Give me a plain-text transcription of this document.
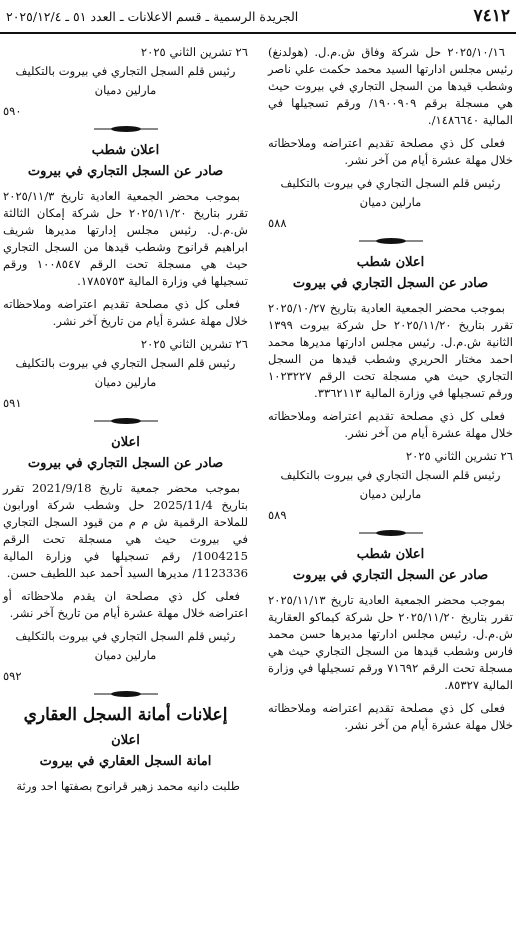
٧٤١٢
الجريدة الرسمية ـ قسم الاعلانات ـ العدد ٥١ ـ ٢٠٢٥/١٢/٤

٢٠٢٥/١٠/١٦ حل شركة وفاق ش.م.ل. (هولدنغ) رئيس مجلس ادارتها السيد محمد حكمت علي ناصر وشطب قيدها من السجل التجاري في بيروت حيث هي مسجلة برقم ١٩٠٠٩٠٩/ ورقم تسجيلها في المالية ١٤٨٦٦٤٠/.

فعلى كل ذي مصلحة تقديم اعتراضه وملاحظاته خلال مهلة عشرة أيام من آخر نشر.

رئيس قلم السجل التجاري في بيروت بالتكليف
مارلين دميان
٥٨٨
اعلان شطب
صادر عن السجل التجاري في بيروت

بموجب محضر الجمعية العادية بتاريخ ٢٠٢٥/١٠/٢٧ تقرر بتاريخ ٢٠٢٥/١١/٢٠ حل شركة بيروت ١٣٩٩ الثانية ش.م.ل. رئيس مجلس ادارتها مديرها محمد احمد مختار الحريري وشطب قيدها من السجل التجاري حيث هي مسجلة تحت الرقم ١٠٢٣٢٢٧ ورقم تسجيلها في وزارة المالية ٣٣٦٢١١٣.

فعلى كل ذي مصلحة تقديم اعتراضه وملاحظاته خلال مهلة عشرة أيام من آخر نشر.

٢٦ تشرين الثاني ٢٠٢٥
رئيس قلم السجل التجاري في بيروت بالتكليف
مارلين دميان
٥٨٩
اعلان شطب
صادر عن السجل التجاري في بيروت

بموجب محضر الجمعية العادية تاريخ ٢٠٢٥/١١/١٣ تقرر بتاريخ ٢٠٢٥/١١/٢٠ حل شركة كيماكو العقارية ش.م.ل. رئيس مجلس ادارتها مديرها حسن محمد فارس وشطب قيدها من السجل التجاري حيث هي مسجلة تحت الرقم ٧١٦٩٢ ورقم تسجيلها في وزارة المالية ٨٥٣٢٧.

فعلى كل ذي مصلحة تقديم اعتراضه وملاحظاته خلال مهلة عشرة أيام من آخر نشر.

٢٦ تشرين الثاني ٢٠٢٥
رئيس قلم السجل التجاري في بيروت بالتكليف
مارلين دميان
٥٩٠
اعلان شطب
صادر عن السجل التجاري في بيروت

بموجب محضر الجمعية العادية تاريخ ٢٠٢٥/١١/٣ تقرر بتاريخ ٢٠٢٥/١١/٢٠ حل شركة إمكان الثالثة ش.م.ل. رئيس مجلس إدارتها مديرها شريف ابراهيم قرانوح وشطب قيدها من السجل التجاري حيث هي مسجلة تحت الرقم ١٠٠٨٥٤٧ ورقم تسجيلها في وزارة المالية ١٧٨٥٧٥٣.

فعلى كل ذي مصلحة تقديم اعتراضه وملاحظاته خلال مهلة عشرة أيام من تاريخ آخر نشر.

٢٦ تشرين الثاني ٢٠٢٥
رئيس قلم السجل التجاري في بيروت بالتكليف
مارلين دميان
٥٩١
اعلان
صادر عن السجل التجاري في بيروت

بموجب محضر جمعية تاريخ 2021/9/18 تقرر بتاريخ 2025/11/4 حل وشطب شركة اورابون للملاحة الرقمية ش م م من قيود السجل التجاري في بيروت حيث هي مسجلة تحت الرقم 1004215/ رقم تسجيلها في وزارة المالية 1123336/ مديرها السيد أحمد عبد اللطيف حسن.

فعلى كل ذي مصلحة ان يقدم ملاحظاته أو اعتراضه خلال مهلة عشرة أيام من تاريخ آخر نشر.

رئيس قلم السجل التجاري في بيروت بالتكليف
مارلين دميان
٥٩٢
إعلانات أمانة السجل العقاري
اعلان
امانة السجل العقاري في بيروت

طلبت دانيه محمد زهير قرانوح بصفتها احد ورثة
